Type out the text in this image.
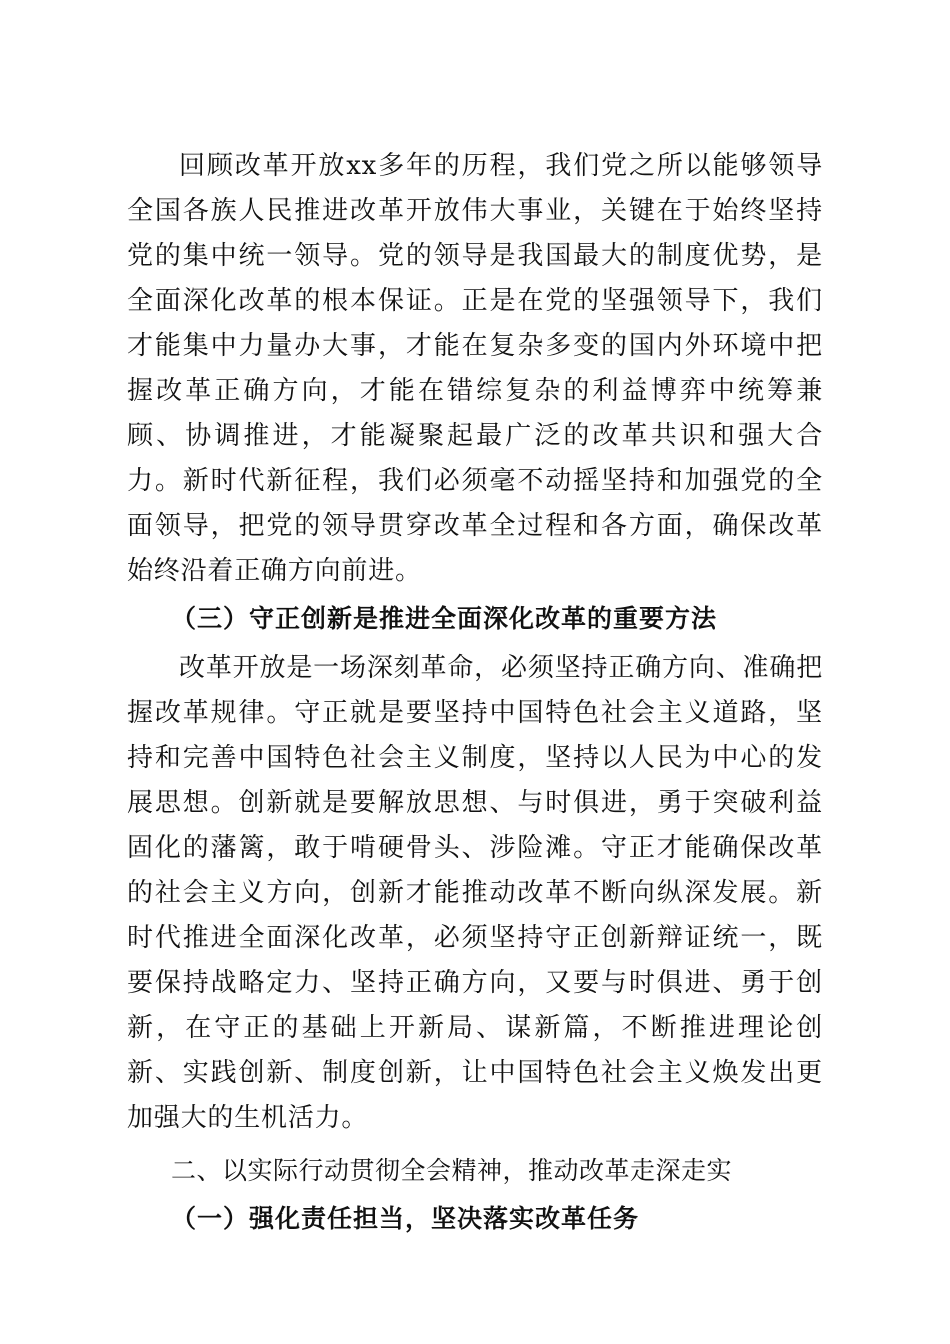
回顾改革开放xx多年的历程，我们党之所以能够领导全国各族人民推进改革开放伟大事业，关键在于始终坚持党的集中统一领导。党的领导是我国最大的制度优势，是全面深化改革的根本保证。正是在党的坚强领导下，我们才能集中力量办大事，才能在复杂多变的国内外环境中把握改革正确方向，才能在错综复杂的利益博弈中统筹兼顾、协调推进，才能凝聚起最广泛的改革共识和强大合力。新时代新征程，我们必须毫不动摇坚持和加强党的全面领导，把党的领导贯穿改革全过程和各方面，确保改革始终沿着正确方向前进。

（三）守正创新是推进全面深化改革的重要方法

改革开放是一场深刻革命，必须坚持正确方向、准确把握改革规律。守正就是要坚持中国特色社会主义道路，坚持和完善中国特色社会主义制度，坚持以人民为中心的发展思想。创新就是要解放思想、与时俱进，勇于突破利益固化的藩篱，敢于啃硬骨头、涉险滩。守正才能确保改革的社会主义方向，创新才能推动改革不断向纵深发展。新时代推进全面深化改革，必须坚持守正创新辩证统一，既要保持战略定力、坚持正确方向，又要与时俱进、勇于创新，在守正的基础上开新局、谋新篇，不断推进理论创新、实践创新、制度创新，让中国特色社会主义焕发出更加强大的生机活力。

二、以实际行动贯彻全会精神，推动改革走深走实

（一）强化责任担当，坚决落实改革任务
